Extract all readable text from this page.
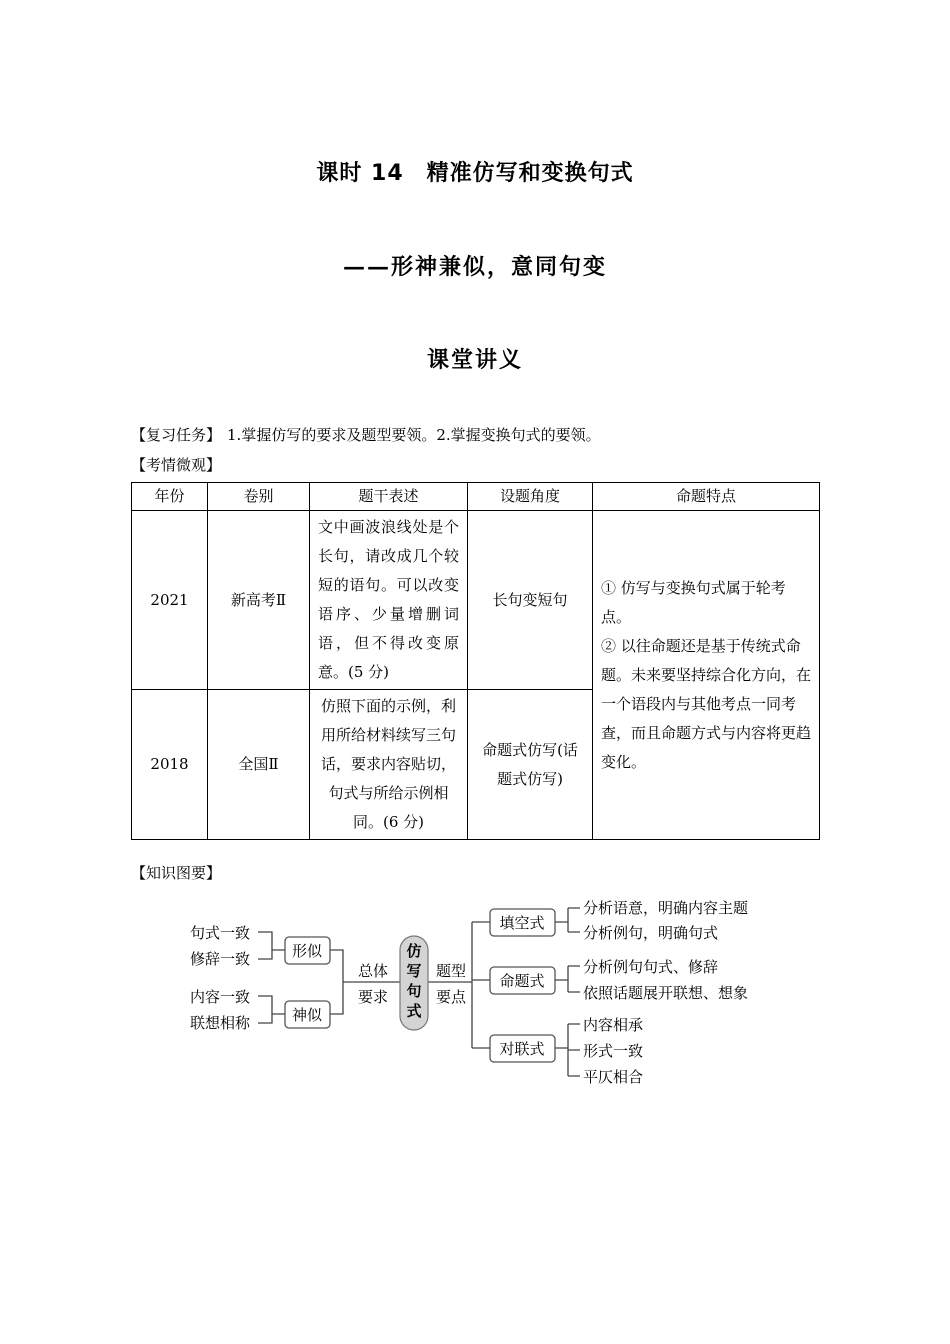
课时 14　精准仿写和变换句式
——形神兼似，意同句变
课堂讲义
【复习任务】 1.掌握仿写的要求及题型要领。2.掌握变换句式的要领。
【考情微观】
年份	卷别	题干表述	设题角度	命题特点
2021	新高考Ⅱ	文中画波浪线处是个长句，请改成几个较短的语句。可以改变语序、少量增删词语，但不得改变原意。(5 分)	长句变短句	① 仿写与变换句式属于轮考点。
② 以往命题还是基于传统式命题。未来要坚持综合化方向，在一个语段内与其他考点一同考查，而且命题方式与内容将更趋变化。

2018	全国Ⅱ	仿照下面的示例，利用所给材料续写三句话，要求内容贴切，句式与所给示例相同。(6 分)	命题式仿写(话题式仿写)	
【知识图要】
句式一致
修辞一致
内容一致
联想相称
形似
神似
总体
要求
题型
要点
仿写句式
填空式
命题式
对联式
分析语意，明确内容主题
分析例句，明确句式
分析例句句式、修辞
依照话题展开联想、想象
内容相承
形式一致
平仄相合
